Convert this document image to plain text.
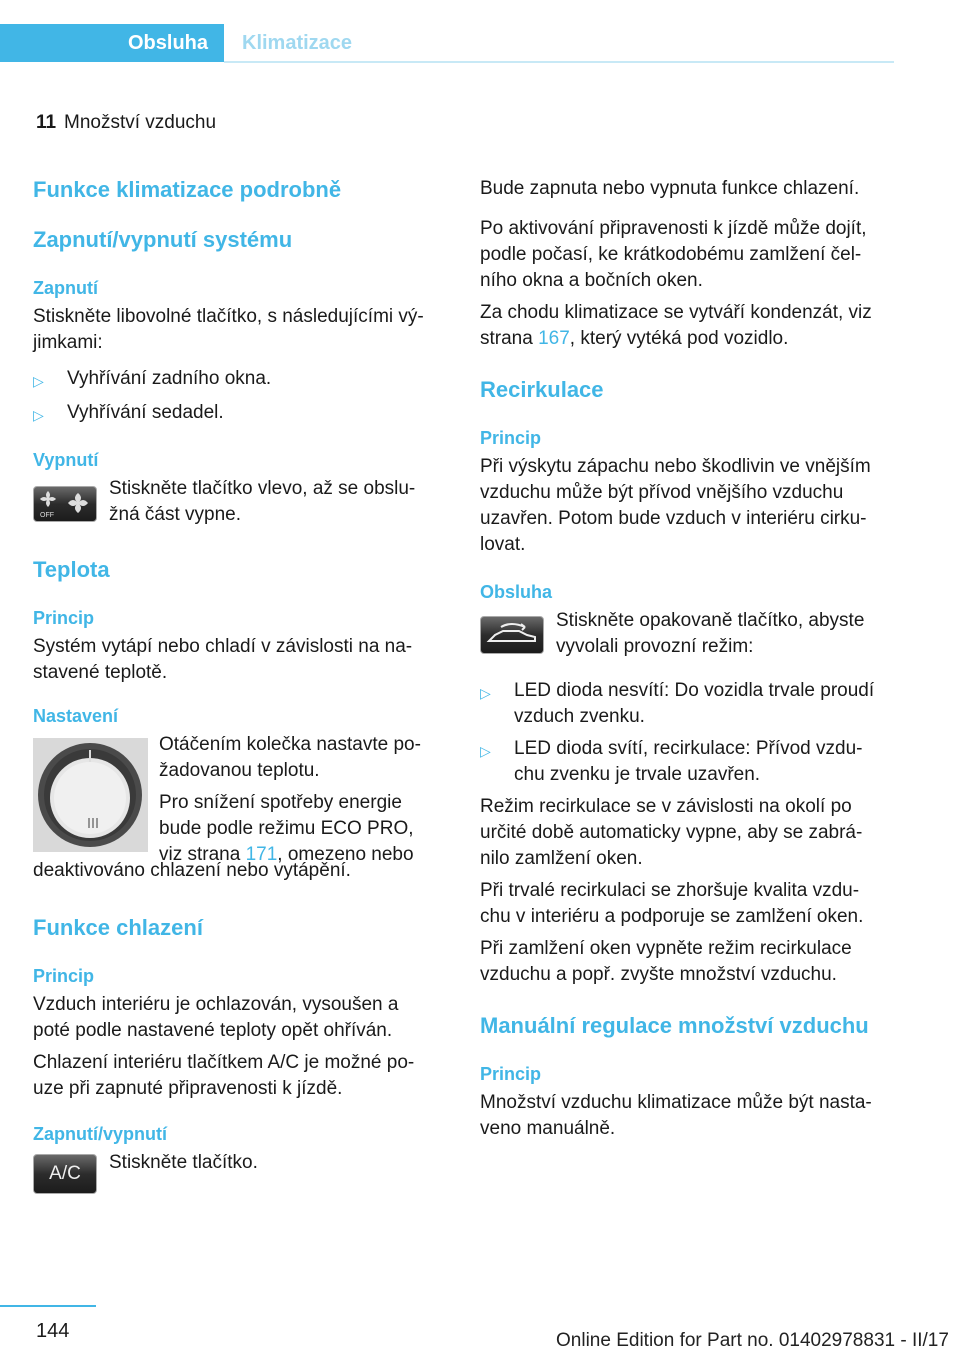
Obsluha	Klimatizace
11 Množství vzduchu

Funkce klimatizace podrobně

Zapnutí/vypnutí systému

Zapnutí

Stiskněte libovolné tlačítko, s následujícími vý-
jimkami:

▷	Vyhřívání zadního okna.
▷	Vyhřívání sedadel.

Vypnutí

OFF

Stiskněte tlačítko vlevo, až se obslu-
žná část vypne.

Teplota

Princip

Systém vytápí nebo chladí v závislosti na na-
stavené teplotě.

Nastavení

Otáčením kolečka nastavte po-
žadovanou teplotu.

Pro snížení spotřeby energie
bude podle režimu ECO PRO,
viz strana 171, omezeno nebo

deaktivováno chlazení nebo vytápění.

Funkce chlazení

Princip

Vzduch interiéru je ochlazován, vysoušen a
poté podle nastavené teploty opět ohříván.

Chlazení interiéru tlačítkem A/C je možné po-
uze při zapnuté připravenosti k jízdě.

Zapnutí/vypnutí

A/C

Stiskněte tlačítko.

Bude zapnuta nebo vypnuta funkce chlazení.

Po aktivování připravenosti k jízdě může dojít,
podle počasí, ke krátkodobému zamlžení čel-
ního okna a bočních oken.

Za chodu klimatizace se vytváří kondenzát, viz
strana 167, který vytéká pod vozidlo.

Recirkulace

Princip

Při výskytu zápachu nebo škodlivin ve vnějším
vzduchu může být přívod vnějšího vzduchu
uzavřen. Potom bude vzduch v interiéru cirku-
lovat.

Obsluha

Stiskněte opakovaně tlačítko, abyste
vyvolali provozní režim:

▷	LED dioda nesvítí: Do vozidla trvale proudí
vzduch zvenku.
▷	LED dioda svítí, recirkulace: Přívod vzdu-
chu zvenku je trvale uzavřen.

Režim recirkulace se v závislosti na okolí po
určité době automaticky vypne, aby se zabrá-
nilo zamlžení oken.

Při trvalé recirkulaci se zhoršuje kvalita vzdu-
chu v interiéru a podporuje se zamlžení oken.

Při zamlžení oken vypněte režim recirkulace
vzduchu a popř. zvyšte množství vzduchu.

Manuální regulace množství vzduchu

Princip

Množství vzduchu klimatizace může být nasta-
veno manuálně.

144	Online Edition for Part no. 01402978831 - II/17
